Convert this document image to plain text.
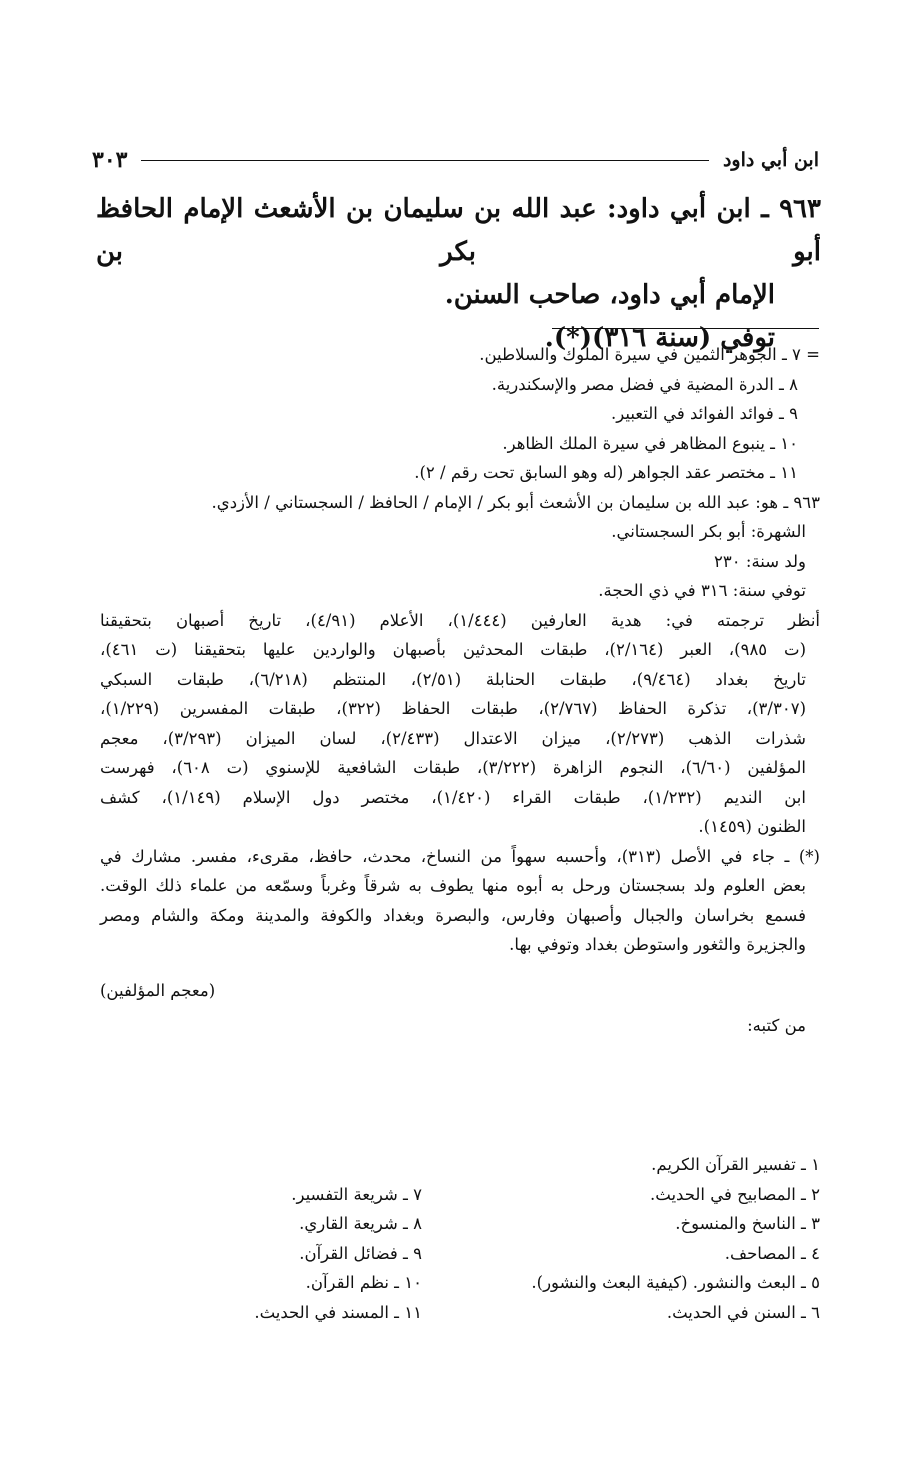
ابن أبي داود
٣٠٣

٩٦٣ ـ ابن أبي داود: عبد الله بن سليمان بن الأشعث الإمام الحافظ أبو بكر بن

الإمام أبي داود، صاحب السنن.

توفي (سنة ٣١٦)(*).

= ٧ ـ الجوهر الثمين في سيرة الملوك والسلاطين.

٨ ـ الدرة المضية في فضل مصر والإسكندرية.

٩ ـ فوائد الفوائد في التعبير.

١٠ ـ ينبوع المظاهر في سيرة الملك الظاهر.

١١ ـ مختصر عقد الجواهر (له وهو السابق تحت رقم / ٢).

٩٦٣ ـ هو: عبد الله بن سليمان بن الأشعث أبو بكر / الإمام / الحافظ / السجستاني / الأزدي.

الشهرة: أبو بكر السجستاني.

ولد سنة: ٢٣٠

توفي سنة: ٣١٦ في ذي الحجة.

أنظر ترجمته في: هدية العارفين (١/٤٤٤)، الأعلام (٤/٩١)، تاريخ أصبهان بتحقيقنا

(ت ٩٨٥)، العبر (٢/١٦٤)، طبقات المحدثين بأصبهان والواردين عليها بتحقيقنا (ت ٤٦١)،

تاريخ بغداد (٩/٤٦٤)، طبقات الحنابلة (٢/٥١)، المنتظم (٦/٢١٨)، طبقات السبكي

(٣/٣٠٧)، تذكرة الحفاظ (٢/٧٦٧)، طبقات الحفاظ (٣٢٢)، طبقات المفسرين (١/٢٢٩)،

شذرات الذهب (٢/٢٧٣)، ميزان الاعتدال (٢/٤٣٣)، لسان الميزان (٣/٢٩٣)، معجم

المؤلفين (٦/٦٠)، النجوم الزاهرة (٣/٢٢٢)، طبقات الشافعية للإسنوي (ت ٦٠٨)، فهرست

ابن النديم (١/٢٣٢)، طبقات القراء (١/٤٢٠)، مختصر دول الإسلام (١/١٤٩)، كشف

الظنون (١٤٥٩).

(*) ـ جاء في الأصل (٣١٣)، وأحسبه سهواً من النساخ، محدث، حافظ، مقرىء، مفسر. مشارك في

بعض العلوم ولد بسجستان ورحل به أبوه منها يطوف به شرقاً وغرباً وسمّعه من علماء ذلك الوقت.

فسمع بخراسان والجبال وأصبهان وفارس، والبصرة وبغداد والكوفة والمدينة ومكة والشام ومصر

والجزيرة والثغور واستوطن بغداد وتوفي بها.

(معجم المؤلفين)

من كتبه:

١ ـ تفسير القرآن الكريم.

٢ ـ المصابيح في الحديث.

٣ ـ الناسخ والمنسوخ.

٤ ـ المصاحف.

٥ ـ البعث والنشور. (كيفية البعث والنشور).

٦ ـ السنن في الحديث.

٧ ـ شريعة التفسير.

٨ ـ شريعة القاري.

٩ ـ فضائل القرآن.

١٠ ـ نظم القرآن.

١١ ـ المسند في الحديث.
